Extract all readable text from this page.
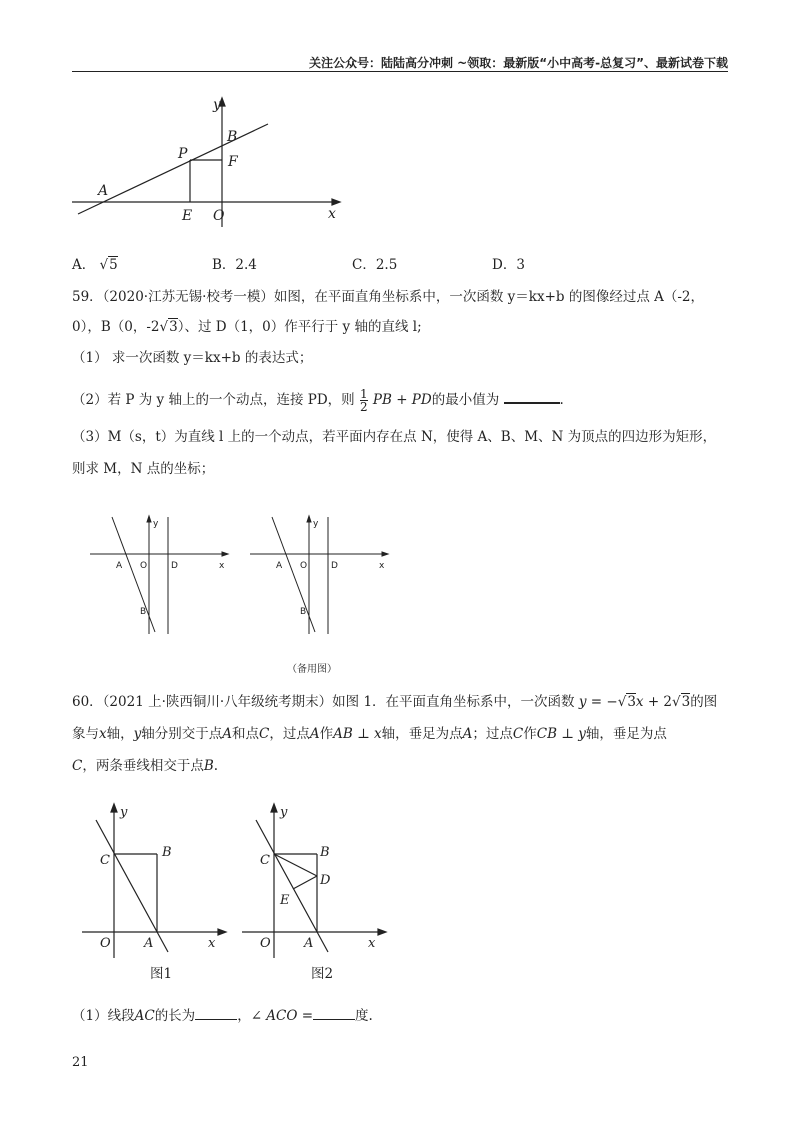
关注公众号：陆陆高分冲刺 ~领取：最新版“小中高考-总复习”、最新试卷下载
y
x
B
P	F
A
E O
A． √5	B．2.4	C．2.5	D．3
59．（2020·江苏无锡·校考一模）如图，在平面直角坐标系中，一次函数 y＝kx+b 的图像经过点 A（-2，
0），B（0，-2√3）、过 D（1，0）作平行于 y 轴的直线 l;
（1） 求一次函数 y＝kx+b 的表达式；
（2）若 P 为 y 轴上的一个动点，连接 PD，则 $\frac{1}{2}$ PB + PD的最小值为	.
（3）M（s，t）为直线 l 上的一个动点，若平面内存在点 N，使得 A、B、M、N 为顶点的四边形为矩形，
则求 M，N 点的坐标；
y
x
A O	D
B
y
x
A O	D
B
（备用图）
60．（2021 上·陕西铜川·八年级统考期末）如图 1．在平面直角坐标系中，一次函数 y = −√3x + 2√3的图
象与x轴，y轴分别交于点A和点C，过点A作AB ⊥ x轴，垂足为点A；过点C作CB ⊥ y轴，垂足为点
C，两条垂线相交于点B.
y
x
C
B
O	A
图1
y
x
C
B
D
E
O	A
图2
（1）线段AC的长为	，∠ ACO =	度.
21
